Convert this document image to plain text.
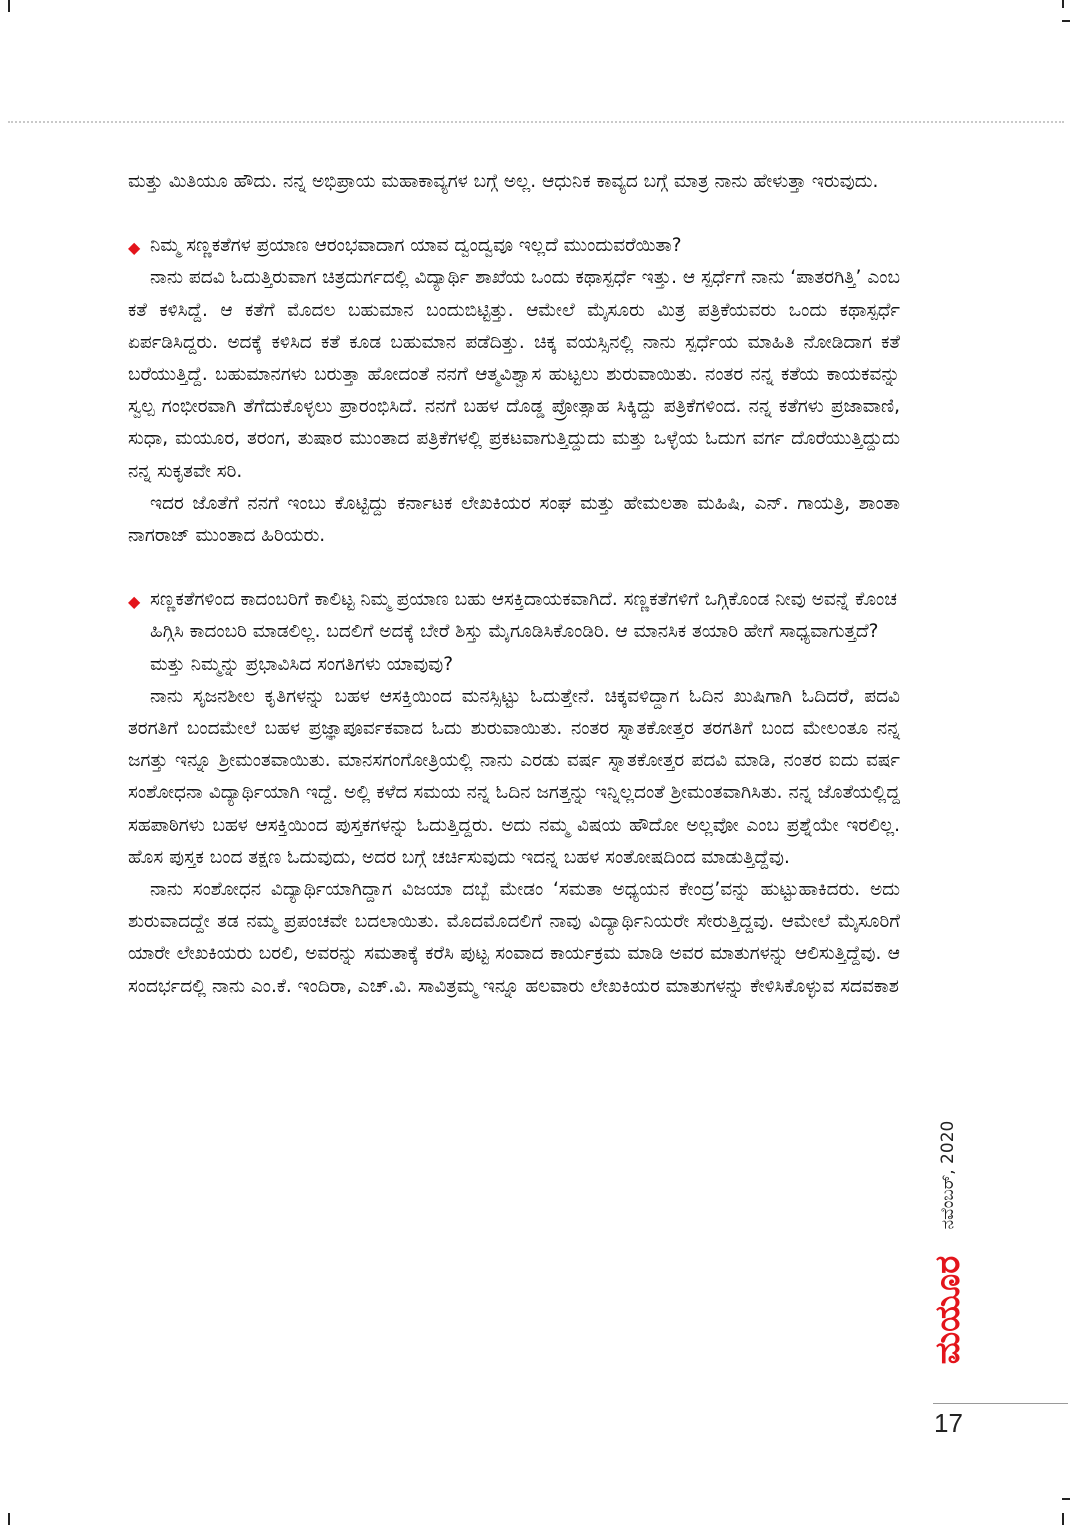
ಮತ್ತು ಮಿತಿಯೂ ಹೌದು. ನನ್ನ ಅಭಿಪ್ರಾಯ ಮಹಾಕಾವ್ಯಗಳ ಬಗ್ಗೆ ಅಲ್ಲ. ಆಧುನಿಕ ಕಾವ್ಯದ ಬಗ್ಗೆ ಮಾತ್ರ ನಾನು ಹೇಳುತ್ತಾ ಇರುವುದು.

◆ ನಿಮ್ಮ ಸಣ್ಣಕತೆಗಳ ಪ್ರಯಾಣ ಆರಂಭವಾದಾಗ ಯಾವ ದ್ವಂದ್ವವೂ ಇಲ್ಲದೆ ಮುಂದುವರೆಯಿತಾ?

ನಾನು ಪದವಿ ಓದುತ್ತಿರುವಾಗ ಚಿತ್ರದುರ್ಗದಲ್ಲಿ ವಿದ್ಯಾರ್ಥಿ ಶಾಖೆಯ ಒಂದು ಕಥಾಸ್ಪರ್ಧೆ ಇತ್ತು. ಆ ಸ್ಪರ್ಧೆಗೆ ನಾನು ‘ಪಾತರಗಿತ್ತಿ’ ಎಂಬ ಕತೆ ಕಳಿಸಿದ್ದೆ. ಆ ಕತೆಗೆ ಮೊದಲ ಬಹುಮಾನ ಬಂದುಬಿಟ್ಟಿತ್ತು. ಆಮೇಲೆ ಮೈಸೂರು ಮಿತ್ರ ಪತ್ರಿಕೆಯವರು ಒಂದು ಕಥಾಸ್ಪರ್ಧೆ ಏರ್ಪಡಿಸಿದ್ದರು. ಅದಕ್ಕೆ ಕಳಿಸಿದ ಕತೆ ಕೂಡ ಬಹುಮಾನ ಪಡೆದಿತ್ತು. ಚಿಕ್ಕ ವಯಸ್ಸಿನಲ್ಲಿ ನಾನು ಸ್ಪರ್ಧೆಯ ಮಾಹಿತಿ ನೋಡಿದಾಗ ಕತೆ ಬರೆಯುತ್ತಿದ್ದೆ. ಬಹುಮಾನಗಳು ಬರುತ್ತಾ ಹೋದಂತೆ ನನಗೆ ಆತ್ಮವಿಶ್ವಾಸ ಹುಟ್ಟಲು ಶುರುವಾಯಿತು. ನಂತರ ನನ್ನ ಕತೆಯ ಕಾಯಕವನ್ನು ಸ್ವಲ್ಪ ಗಂಭೀರವಾಗಿ ತೆಗೆದುಕೊಳ್ಳಲು ಪ್ರಾರಂಭಿಸಿದೆ. ನನಗೆ ಬಹಳ ದೊಡ್ಡ ಪ್ರೋತ್ಸಾಹ ಸಿಕ್ಕಿದ್ದು ಪತ್ರಿಕೆಗಳಿಂದ. ನನ್ನ ಕತೆಗಳು ಪ್ರಜಾವಾಣಿ, ಸುಧಾ, ಮಯೂರ, ತರಂಗ, ತುಷಾರ ಮುಂತಾದ ಪತ್ರಿಕೆಗಳಲ್ಲಿ ಪ್ರಕಟವಾಗುತ್ತಿದ್ದುದು ಮತ್ತು ಒಳ್ಳೆಯ ಓದುಗ ವರ್ಗ ದೊರೆಯುತ್ತಿದ್ದುದು ನನ್ನ ಸುಕೃತವೇ ಸರಿ.

ಇದರ ಜೊತೆಗೆ ನನಗೆ ಇಂಬು ಕೊಟ್ಟಿದ್ದು ಕರ್ನಾಟಕ ಲೇಖಕಿಯರ ಸಂಘ ಮತ್ತು ಹೇಮಲತಾ ಮಹಿಷಿ, ಎನ್. ಗಾಯತ್ರಿ, ಶಾಂತಾ ನಾಗರಾಜ್ ಮುಂತಾದ ಹಿರಿಯರು.

◆ ಸಣ್ಣಕತೆಗಳಿಂದ ಕಾದಂಬರಿಗೆ ಕಾಲಿಟ್ಟ ನಿಮ್ಮ ಪ್ರಯಾಣ ಬಹು ಆಸಕ್ತಿದಾಯಕವಾಗಿದೆ. ಸಣ್ಣಕತೆಗಳಿಗೆ ಒಗ್ಗಿಕೊಂಡ ನೀವು ಅವನ್ನೆ ಕೊಂಚ ಹಿಗ್ಗಿಸಿ ಕಾದಂಬರಿ ಮಾಡಲಿಲ್ಲ. ಬದಲಿಗೆ ಅದಕ್ಕೆ ಬೇರೆ ಶಿಸ್ತು ಮೈಗೂಡಿಸಿಕೊಂಡಿರಿ. ಆ ಮಾನಸಿಕ ತಯಾರಿ ಹೇಗೆ ಸಾಧ್ಯವಾಗುತ್ತದೆ? ಮತ್ತು ನಿಮ್ಮನ್ನು ಪ್ರಭಾವಿಸಿದ ಸಂಗತಿಗಳು ಯಾವುವು?

ನಾನು ಸೃಜನಶೀಲ ಕೃತಿಗಳನ್ನು ಬಹಳ ಆಸಕ್ತಿಯಿಂದ ಮನಸ್ಸಿಟ್ಟು ಓದುತ್ತೇನೆ. ಚಿಕ್ಕವಳಿದ್ದಾಗ ಓದಿನ ಖುಷಿಗಾಗಿ ಓದಿದರೆ, ಪದವಿ ತರಗತಿಗೆ ಬಂದಮೇಲೆ ಬಹಳ ಪ್ರಜ್ಞಾಪೂರ್ವಕವಾದ ಓದು ಶುರುವಾಯಿತು. ನಂತರ ಸ್ನಾತಕೋತ್ತರ ತರಗತಿಗೆ ಬಂದ ಮೇಲಂತೂ ನನ್ನ ಜಗತ್ತು ಇನ್ನೂ ಶ್ರೀಮಂತವಾಯಿತು. ಮಾನಸಗಂಗೋತ್ರಿಯಲ್ಲಿ ನಾನು ಎರಡು ವರ್ಷ ಸ್ನಾತಕೋತ್ತರ ಪದವಿ ಮಾಡಿ, ನಂತರ ಐದು ವರ್ಷ ಸಂಶೋಧನಾ ವಿದ್ಯಾರ್ಥಿಯಾಗಿ ಇದ್ದೆ. ಅಲ್ಲಿ ಕಳೆದ ಸಮಯ ನನ್ನ ಓದಿನ ಜಗತ್ತನ್ನು ಇನ್ನಿಲ್ಲದಂತೆ ಶ್ರೀಮಂತವಾಗಿಸಿತು. ನನ್ನ ಜೊತೆಯಲ್ಲಿದ್ದ ಸಹಪಾಠಿಗಳು ಬಹಳ ಆಸಕ್ತಿಯಿಂದ ಪುಸ್ತಕಗಳನ್ನು ಓದುತ್ತಿದ್ದರು. ಅದು ನಮ್ಮ ವಿಷಯ ಹೌದೋ ಅಲ್ಲವೋ ಎಂಬ ಪ್ರಶ್ನೆಯೇ ಇರಲಿಲ್ಲ. ಹೊಸ ಪುಸ್ತಕ ಬಂದ ತಕ್ಷಣ ಓದುವುದು, ಅದರ ಬಗ್ಗೆ ಚರ್ಚಿಸುವುದು ಇದನ್ನ ಬಹಳ ಸಂತೋಷದಿಂದ ಮಾಡುತ್ತಿದ್ದೆವು.

ನಾನು ಸಂಶೋಧನ ವಿದ್ಯಾರ್ಥಿಯಾಗಿದ್ದಾಗ ವಿಜಯಾ ದಬ್ಬೆ ಮೇಡಂ ‘ಸಮತಾ ಅಧ್ಯಯನ ಕೇಂದ್ರ’ವನ್ನು ಹುಟ್ಟುಹಾಕಿದರು. ಅದು ಶುರುವಾದದ್ದೇ ತಡ ನಮ್ಮ ಪ್ರಪಂಚವೇ ಬದಲಾಯಿತು. ಮೊದಮೊದಲಿಗೆ ನಾವು ವಿದ್ಯಾರ್ಥಿನಿಯರೇ ಸೇರುತ್ತಿದ್ದವು. ಆಮೇಲೆ ಮೈಸೂರಿಗೆ ಯಾರೇ ಲೇಖಕಿಯರು ಬರಲಿ, ಅವರನ್ನು ಸಮತಾಕ್ಕೆ ಕರೆಸಿ ಪುಟ್ಟ ಸಂವಾದ ಕಾರ್ಯಕ್ರಮ ಮಾಡಿ ಅವರ ಮಾತುಗಳನ್ನು ಆಲಿಸುತ್ತಿದ್ದೆವು. ಆ ಸಂದರ್ಭದಲ್ಲಿ ನಾನು ಎಂ.ಕೆ. ಇಂದಿರಾ, ಎಚ್.ವಿ. ಸಾವಿತ್ರಮ್ಮ ಇನ್ನೂ ಹಲವಾರು ಲೇಖಕಿಯರ ಮಾತುಗಳನ್ನು ಕೇಳಿಸಿಕೊಳ್ಳುವ ಸದವಕಾಶ

ನವೆಂಬರ್, 2020
ಮಯೂರ
17
